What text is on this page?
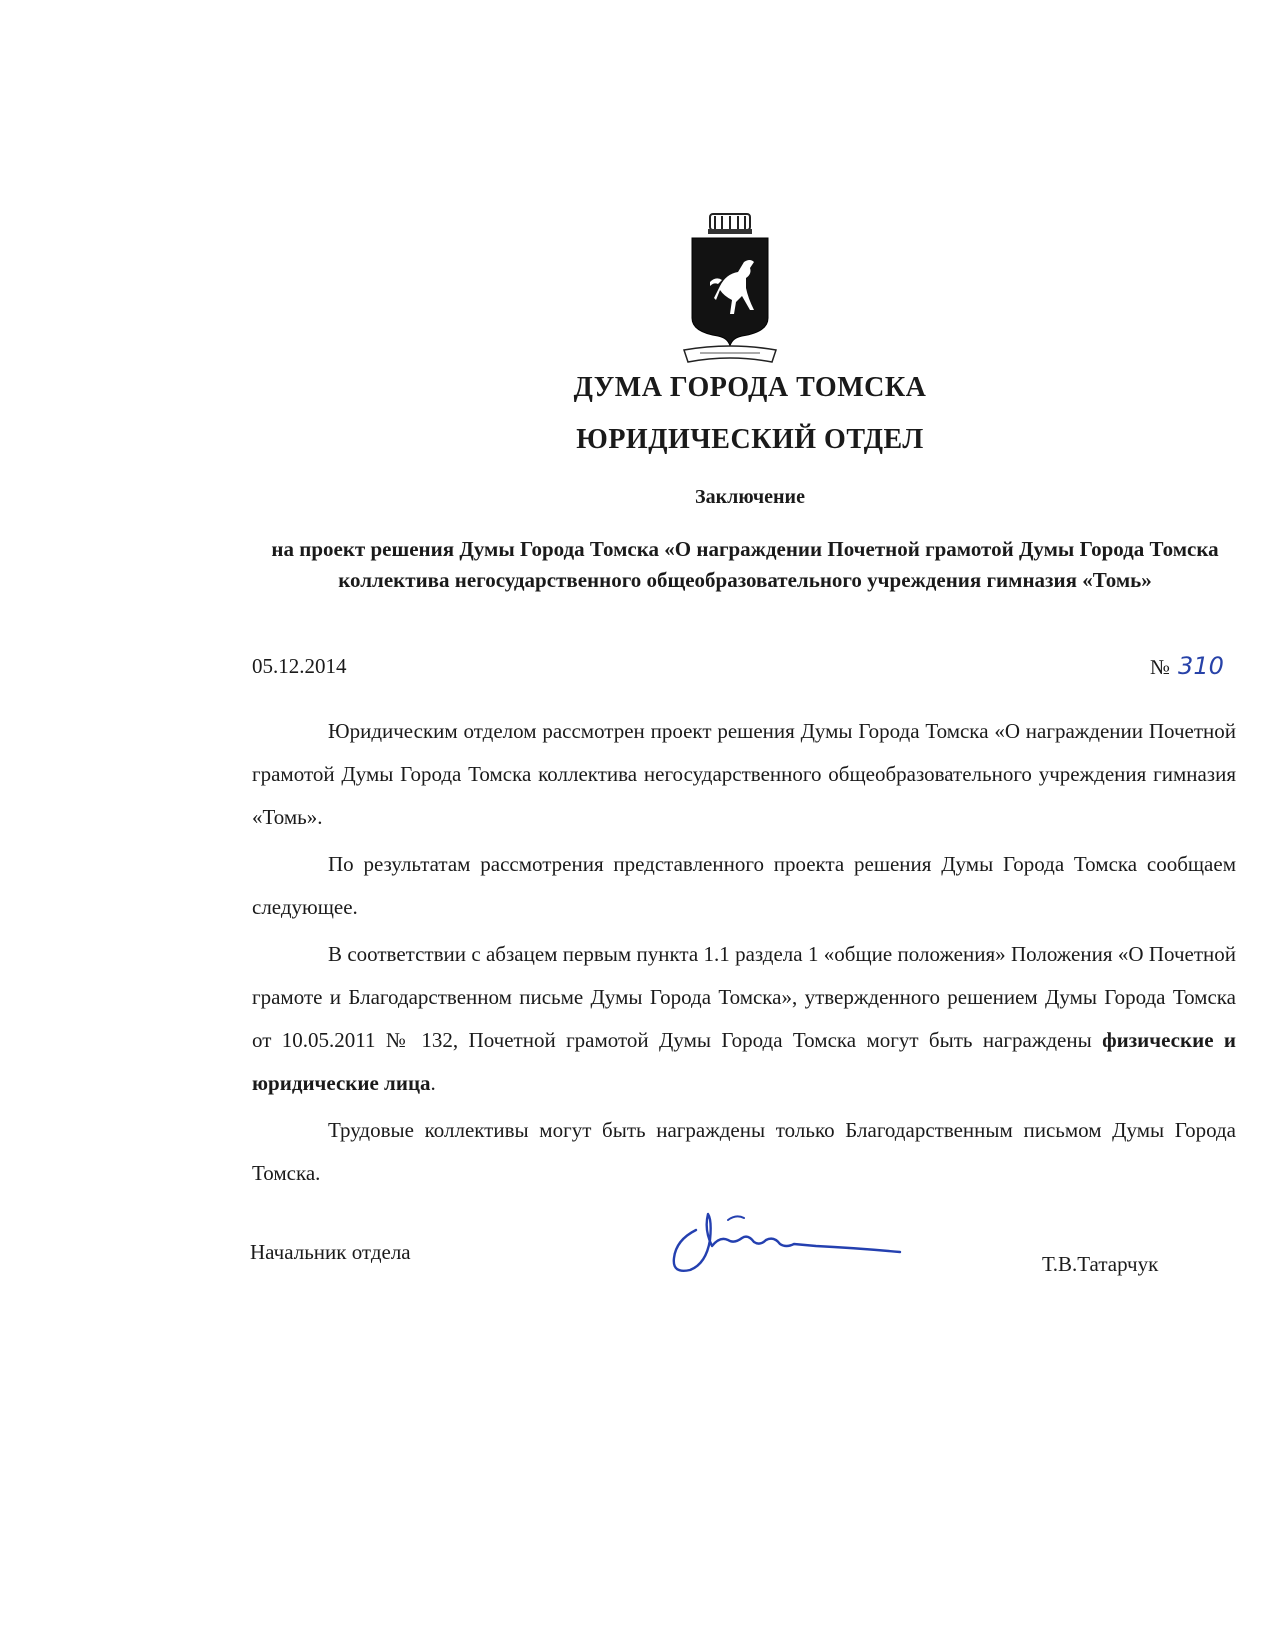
ДУМА ГОРОДА ТОМСКА
ЮРИДИЧЕСКИЙ ОТДЕЛ
Заключение
на проект решения Думы Города Томска «О награждении Почетной грамотой Думы Города Томска коллектива негосударственного общеобразовательного учреждения гимназия «Томь»
05.12.2014	№ 310

Юридическим отделом рассмотрен проект решения Думы Города Томска «О награждении Почетной грамотой Думы Города Томска коллектива негосударственного общеобразовательного учреждения гимназия «Томь».

По результатам рассмотрения представленного проекта решения Думы Города Томска сообщаем следующее.

В соответствии с абзацем первым пункта 1.1 раздела 1 «общие положения» Положения «О Почетной грамоте и Благодарственном письме Думы Города Томска», утвержденного решением Думы Города Томска от 10.05.2011 № 132, Почетной грамотой Думы Города Томска могут быть награждены физические и юридические лица.

Трудовые коллективы могут быть награждены только Благодарственным письмом Думы Города Томска.

Начальник отдела	Т.В.Татарчук
